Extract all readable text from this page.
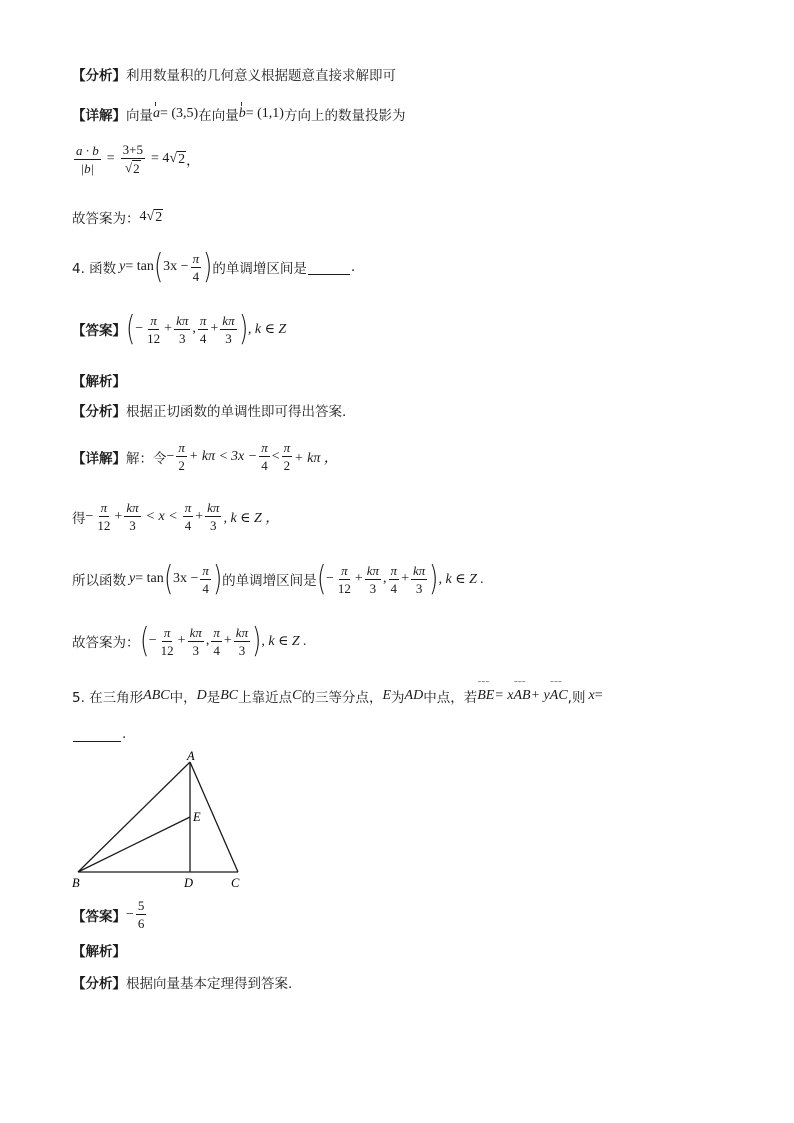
【分析】 利用数量积的几何意义根据题意直接求解即可
【详解】 向量 a = (3,5) 在向量 b = (1,1) 方向上的数量投影为
$\frac{a \cdot b}{|b|} = \frac{3+5}{√ 2} = 4$ √ 2 ，
故答案为： 4 √ 2
4. 函数 y = tan ( $3x - \frac{\pi}{4}$ ) 的单调增区间是	.
【答案】 ( − $\frac{\pi}{12} + \frac{k\pi}{3}$ , $\frac{\pi}{4} + \frac{k\pi}{3}$ ) , k ∈ Z
【解析】
【分析】 根据正切函数的单调性即可得出答案.
【详解】 解：令 − $\frac{\pi}{2} + k\pi < 3x - \frac{\pi}{4} < \frac{\pi}{2} + k\pi$ ，
得 − $\frac{\pi}{12} + \frac{k\pi}{3} < x < \frac{\pi}{4} + \frac{k\pi}{3}$ , k ∈ Z ，
所以函数 y = tan ( $3x - \frac{\pi}{4}$ ) 的单调增区间是 ( − $\frac{\pi}{12} + \frac{k\pi}{3}$ , $\frac{\pi}{4} + \frac{k\pi}{3}$ ) , k ∈ Z .
故答案为： ( − $\frac{\pi}{12} + \frac{k\pi}{3}$ , $\frac{\pi}{4} + \frac{k\pi}{3}$ ) , k ∈ Z .
5. 在三角形 ABC 中， D 是 BC 上靠近点 C 的三等分点， E 为 AD 中点，若 ⌣⌣⌣ BE = x ⌣⌣⌣ AB + y ⌣⌣⌣ AC ,则 x =
.
A
B	C
D
E
【答案】 − $\frac{5}{6}$
【解析】
【分析】 根据向量基本定理得到答案.
